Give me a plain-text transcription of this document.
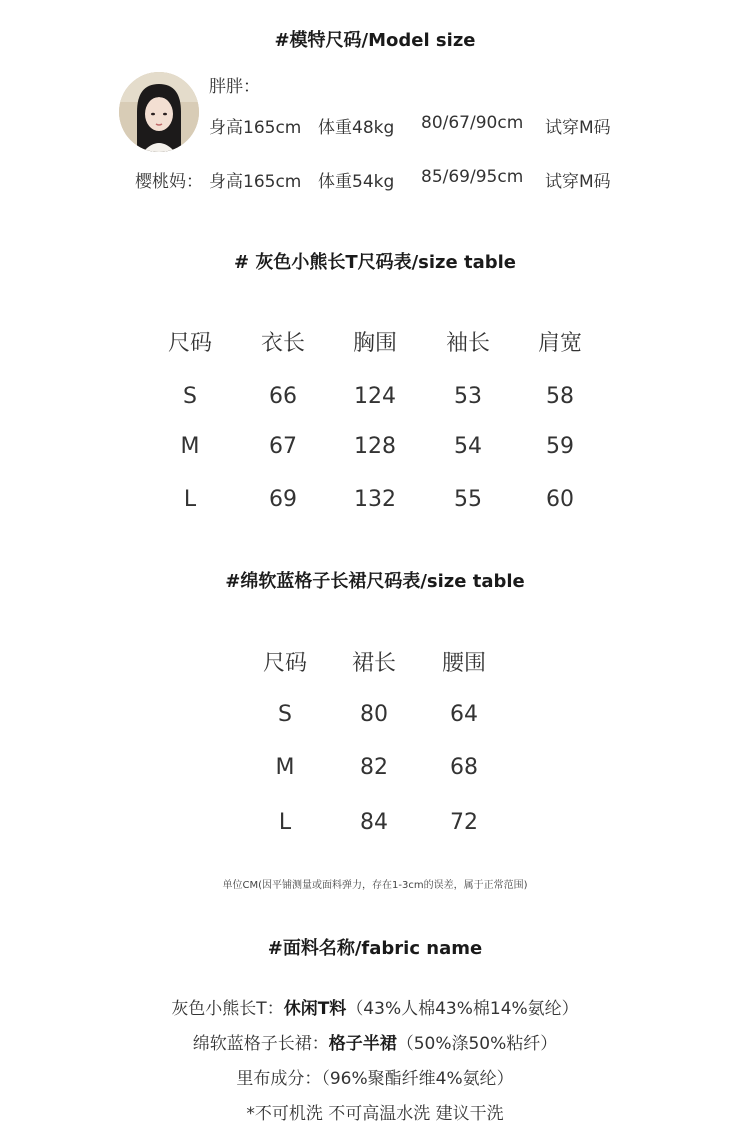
#模特尺码/Model size
胖胖：
身高165cm 体重48kg 80/67/90cm 试穿M码
樱桃妈： 身高165cm 体重54kg 85/69/95cm 试穿M码
# 灰色小熊长T尺码表/size table
尺码	衣长	胸围	袖长	肩宽
S	66	124	53	58
M	67	128	54	59
L	69	132	55	60
#绵软蓝格子长裙尺码表/size table
尺码	裙长	腰围
S	80	64
M	82	68
L	84	72
单位CM(因平铺测量或面料弹力，存在1-3cm的误差，属于正常范围)
#面料名称/fabric name
灰色小熊长T：休闲T料（43%人棉43%棉14%氨纶）
绵软蓝格子长裙：格子半裙（50%涤50%粘纤）
里布成分：（96%聚酯纤维4%氨纶）
*不可机洗 不可高温水洗 建议干洗
